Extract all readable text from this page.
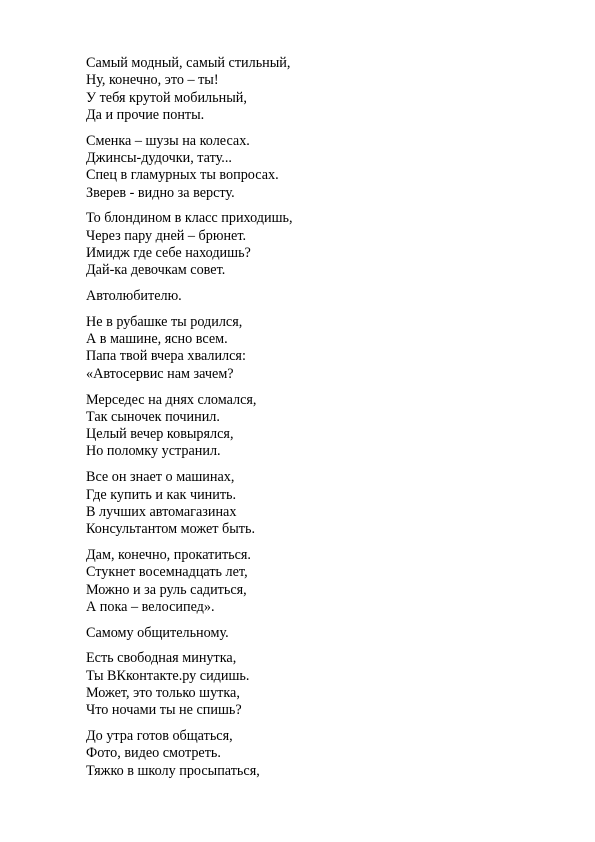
Самый модный, самый стильный,
Ну, конечно, это – ты!
У тебя крутой мобильный,
Да и прочие понты.
Сменка – шузы на колесах.
Джинсы-дудочки, тату...
Спец в гламурных ты вопросах.
Зверев - видно за версту.
То блондином в класс приходишь,
Через пару дней – брюнет.
Имидж где себе находишь?
Дай-ка девочкам совет.
Автолюбителю.
Не в рубашке ты родился,
А в машине, ясно всем.
Папа твой вчера хвалился:
«Автосервис нам зачем?
Мерседес на днях сломался,
Так сыночек починил.
Целый вечер ковырялся,
Но поломку устранил.
Все он знает о машинах,
Где купить и как чинить.
В лучших автомагазинах
Консультантом может быть.
Дам, конечно, прокатиться.
Стукнет восемнадцать лет,
Можно и за руль садиться,
А пока – велосипед».
Самому общительному.
Есть свободная минутка,
Ты ВКконтакте.ру сидишь.
Может, это только шутка,
Что ночами ты не спишь?
До утра готов общаться,
Фото, видео смотреть.
Тяжко в школу просыпаться,
